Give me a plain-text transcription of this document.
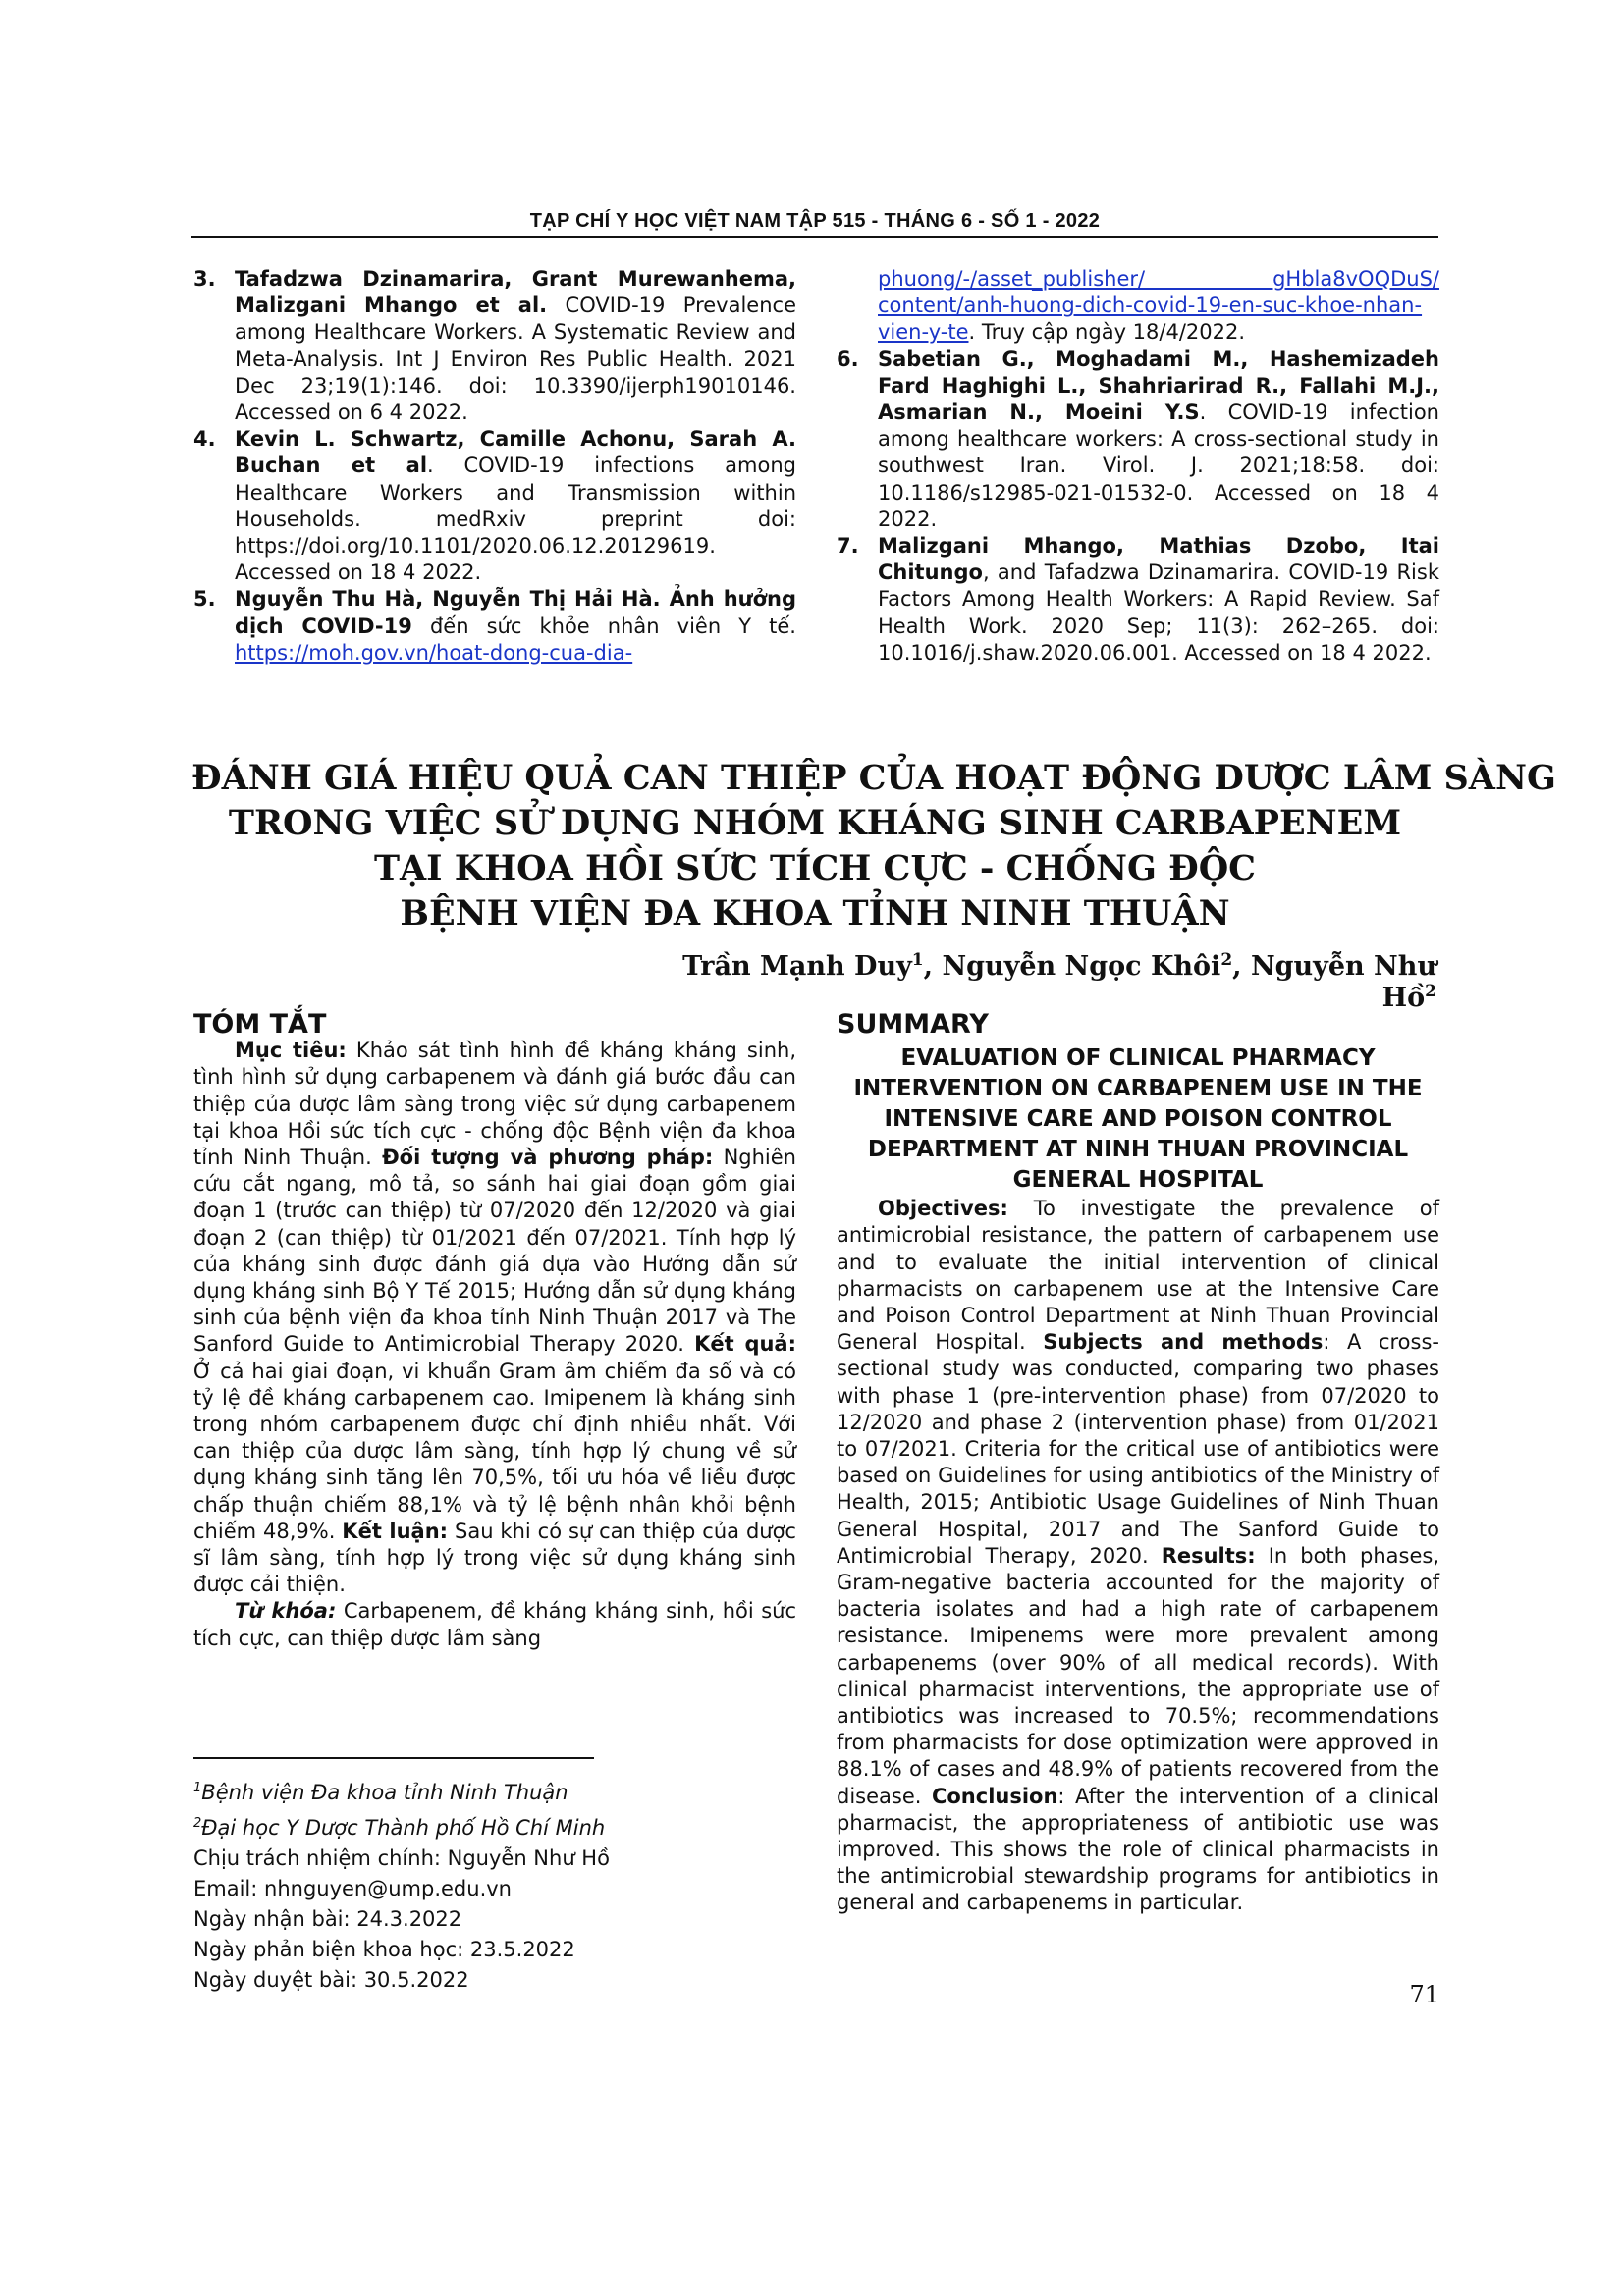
TẠP CHÍ Y HỌC VIỆT NAM TẬP 515 - THÁNG 6 - SỐ 1 - 2022
3. Tafadzwa Dzinamarira, Grant Murewanhema, Malizgani Mhango et al. COVID-19 Prevalence among Healthcare Workers. A Systematic Review and Meta-Analysis. Int J Environ Res Public Health. 2021 Dec 23;19(1):146. doi: 10.3390/ijerph19010146. Accessed on 6 4 2022.
4. Kevin L. Schwartz, Camille Achonu, Sarah A. Buchan et al. COVID-19 infections among Healthcare Workers and Transmission within Households. medRxiv preprint doi: https://doi.org/10.1101/2020.06.12.20129619. Accessed on 18 4 2022.
5. Nguyễn Thu Hà, Nguyễn Thị Hải Hà. Ảnh hưởng dịch COVID-19 đến sức khỏe nhân viên Y tế. https://moh.gov.vn/hoat-dong-cua-dia-
phuong/-/asset_publisher/ gHbla8vOQDuS/ content/anh-huong-dich-covid-19-en-suc-khoe-nhan-vien-y-te. Truy cập ngày 18/4/2022.
6. Sabetian G., Moghadami M., Hashemizadeh Fard Haghighi L., Shahriarirad R., Fallahi M.J., Asmarian N., Moeini Y.S. COVID-19 infection among healthcare workers: A cross-sectional study in southwest Iran. Virol. J. 2021;18:58. doi: 10.1186/s12985-021-01532-0. Accessed on 18 4 2022.
7. Malizgani Mhango, Mathias Dzobo, Itai Chitungo, and Tafadzwa Dzinamarira. COVID-19 Risk Factors Among Health Workers: A Rapid Review. Saf Health Work. 2020 Sep; 11(3): 262–265. doi: 10.1016/j.shaw.2020.06.001. Accessed on 18 4 2022.
ĐÁNH GIÁ HIỆU QUẢ CAN THIỆP CỦA HOẠT ĐỘNG DƯỢC LÂM SÀNG
TRONG VIỆC SỬ DỤNG NHÓM KHÁNG SINH CARBAPENEM
TẠI KHOA HỒI SỨC TÍCH CỰC - CHỐNG ĐỘC
BỆNH VIỆN ĐA KHOA TỈNH NINH THUẬN
Trần Mạnh Duy$^1$, Nguyễn Ngọc Khôi$^2$, Nguyễn Như Hồ$^2$
TÓM TẮT
Mục tiêu: Khảo sát tình hình đề kháng kháng sinh, tình hình sử dụng carbapenem và đánh giá bước đầu can thiệp của dược lâm sàng trong việc sử dụng carbapenem tại khoa Hồi sức tích cực - chống độc Bệnh viện đa khoa tỉnh Ninh Thuận. Đối tượng và phương pháp: Nghiên cứu cắt ngang, mô tả, so sánh hai giai đoạn gồm giai đoạn 1 (trước can thiệp) từ 07/2020 đến 12/2020 và giai đoạn 2 (can thiệp) từ 01/2021 đến 07/2021. Tính hợp lý của kháng sinh được đánh giá dựa vào Hướng dẫn sử dụng kháng sinh Bộ Y Tế 2015; Hướng dẫn sử dụng kháng sinh của bệnh viện đa khoa tỉnh Ninh Thuận 2017 và The Sanford Guide to Antimicrobial Therapy 2020. Kết quả: Ở cả hai giai đoạn, vi khuẩn Gram âm chiếm đa số và có tỷ lệ đề kháng carbapenem cao. Imipenem là kháng sinh trong nhóm carbapenem được chỉ định nhiều nhất. Với can thiệp của dược lâm sàng, tính hợp lý chung về sử dụng kháng sinh tăng lên 70,5%, tối ưu hóa về liều được chấp thuận chiếm 88,1% và tỷ lệ bệnh nhân khỏi bệnh chiếm 48,9%. Kết luận: Sau khi có sự can thiệp của dược sĩ lâm sàng, tính hợp lý trong việc sử dụng kháng sinh được cải thiện.
Từ khóa: Carbapenem, đề kháng kháng sinh, hồi sức tích cực, can thiệp dược lâm sàng
$^1$Bệnh viện Đa khoa tỉnh Ninh Thuận
$^2$Đại học Y Dược Thành phố Hồ Chí Minh
Chịu trách nhiệm chính: Nguyễn Như Hồ
Email: nhnguyen@ump.edu.vn
Ngày nhận bài: 24.3.2022
Ngày phản biện khoa học: 23.5.2022
Ngày duyệt bài: 30.5.2022
SUMMARY
EVALUATION OF CLINICAL PHARMACY INTERVENTION ON CARBAPENEM USE IN THE INTENSIVE CARE AND POISON CONTROL DEPARTMENT AT NINH THUAN PROVINCIAL GENERAL HOSPITAL
Objectives: To investigate the prevalence of antimicrobial resistance, the pattern of carbapenem use and to evaluate the initial intervention of clinical pharmacists on carbapenem use at the Intensive Care and Poison Control Department at Ninh Thuan Provincial General Hospital. Subjects and methods: A cross-sectional study was conducted, comparing two phases with phase 1 (pre-intervention phase) from 07/2020 to 12/2020 and phase 2 (intervention phase) from 01/2021 to 07/2021. Criteria for the critical use of antibiotics were based on Guidelines for using antibiotics of the Ministry of Health, 2015; Antibiotic Usage Guidelines of Ninh Thuan General Hospital, 2017 and The Sanford Guide to Antimicrobial Therapy, 2020. Results: In both phases, Gram-negative bacteria accounted for the majority of bacteria isolates and had a high rate of carbapenem resistance. Imipenems were more prevalent among carbapenems (over 90% of all medical records). With clinical pharmacist interventions, the appropriate use of antibiotics was increased to 70.5%; recommendations from pharmacists for dose optimization were approved in 88.1% of cases and 48.9% of patients recovered from the disease. Conclusion: After the intervention of a clinical pharmacist, the appropriateness of antibiotic use was improved. This shows the role of clinical pharmacists in the antimicrobial stewardship programs for antibiotics in general and carbapenems in particular.
71
